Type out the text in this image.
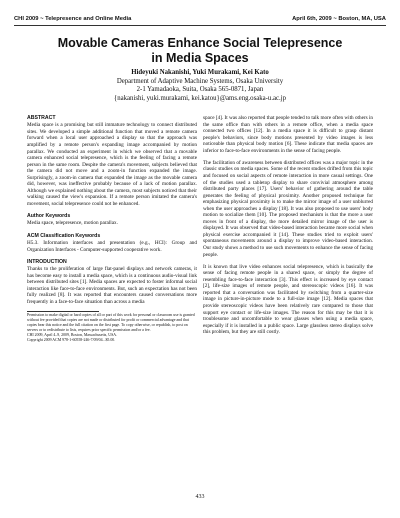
CHI 2009 ~ Telepresence and Online Media	April 6th, 2009 ~ Boston, MA, USA
Movable Cameras Enhance Social Telepresence
in Media Spaces
Hideyuki Nakanishi, Yuki Murakami, Kei Kato
Department of Adaptive Machine Systems, Osaka University
2-1 Yamadaoka, Suita, Osaka 565-0871, Japan
{nakanishi, yuki.murakami, kei.katou}@ams.eng.osaka-u.ac.jp
ABSTRACT

Media space is a promising but still immature technology to connect distributed sites. We developed a simple additional function that moved a remote camera forward when a local user approached a display so that the approach was amplified by a remote person's expanding image accompanied by motion parallax. We conducted an experiment in which we observed that a movable camera enhanced social telepresence, which is the feeling of facing a remote person in the same room. Despite the camera's movement, subjects believed that the camera did not move and a zoom-in function expanded the image. Surprisingly, a zoom-in camera that expanded the image as the movable camera did, however, was ineffective probably because of a lack of motion parallax. Although we explained nothing about the camera, most subjects noticed that their walking caused the view's expansion. If a remote person imitated the camera's movement, social telepresence could not be enhanced.

Author Keywords

Media space, telepresence, motion parallax.

ACM Classification Keywords

H5.3. Information interfaces and presentation (e.g., HCI): Group and Organization Interfaces - Computer-supported cooperative work.

INTRODUCTION

Thanks to the proliferation of large flat-panel displays and network cameras, it has become easy to install a media space, which is a continuous audio-visual link between distributed sites [1]. Media spaces are expected to foster informal social interaction like face-to-face environments. But, such an expectation has not been fully realized [8]. It was reported that encounters caused conversations more frequently in a face-to-face situation than across a media

Permission to make digital or hard copies of all or part of this work for personal or classroom use is granted without fee provided that copies are not made or distributed for profit or commercial advantage and that copies bear this notice and the full citation on the first page. To copy otherwise, or republish, to post on servers or to redistribute to lists, requires prior specific permission and/or a fee.
CHI 2009, April 4–9, 2009, Boston, Massachusetts, USA.
Copyright 2009 ACM 978-1-60558-246-7/09/04...$5.00.

space [4]. It was also reported that people tended to talk more often with others in the same office than with others in a remote office, when a media space connected two offices [12]. In a media space it is difficult to grasp distant people's behaviors, since body motions presented by video images is less noticeable than physical body motion [6]. These indicate that media spaces are inferior to face-to-face environments in the sense of facing people.

The facilitation of awareness between distributed offices was a major topic in the classic studies on media spaces. Some of the recent studies drifted from this topic and focused on social aspects of remote interaction in more casual settings. One of the studies used a tabletop display to share convivial atmosphere among distributed party places [17]. Users' behavior of gathering around the table generates the feeling of physical proximity. Another proposed technique for emphasizing physical proximity is to make the mirror image of a user unblurred when the user approaches a display [18]. It was also proposed to use users' body motion to socialize them [10]. The proposed mechanism is that the more a user moves in front of a display, the more detailed mirror image of the user is displayed. It was observed that video-based interaction became more social when physical exercise accompanied it [14]. These studies tried to exploit users' spontaneous movements around a display to improve video-based interaction. Our study shows a method to use such movements to enhance the sense of facing people.

It is known that live video enhances social telepresence, which is basically the sense of facing remote people in a shared space, or simply the degree of resembling face-to-face interaction [3]. This effect is increased by eye contact [2], life-size images of remote people, and stereoscopic videos [16]. It was reported that a conversation was facilitated by switching from a quarter-size image in picture-in-picture mode to a full-size image [12]. Media spaces that provide stereoscopic videos have been relatively rare compared to those that support eye contact or life-size images. The reason for this may be that it is troublesome and uncomfortable to wear glasses when using a media space, especially if it is installed in a public space. Large glassless stereo displays solve this problem, but they are still costly.

433
